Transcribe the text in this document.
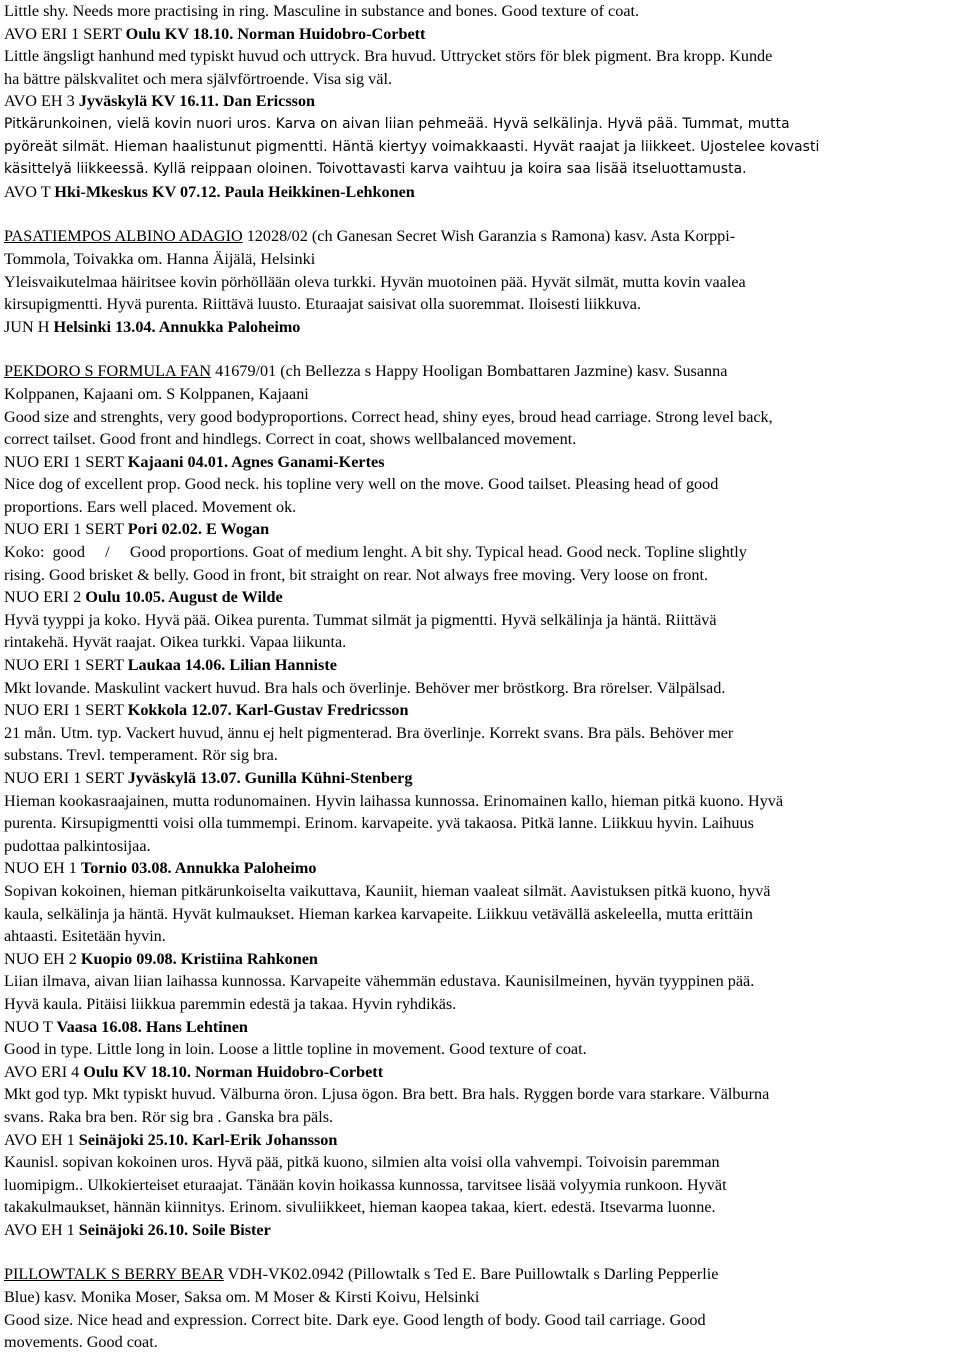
Little shy. Needs more practising in ring. Masculine in substance and bones. Good texture of coat.
AVO ERI 1 SERT Oulu KV 18.10. Norman Huidobro-Corbett
Little ängsligt hanhund med typiskt huvud och uttryck. Bra huvud. Uttrycket störs för blek pigment. Bra kropp. Kunde
ha bättre pälskvalitet och mera självförtroende. Visa sig väl.
AVO EH 3 Jyväskylä KV 16.11. Dan Ericsson
Pitkärunkoinen, vielä kovin nuori uros. Karva on aivan liian pehmeää. Hyvä selkälinja. Hyvä pää. Tummat, mutta
pyöreät silmät. Hieman haalistunut pigmentti. Häntä kiertyy voimakkaasti. Hyvät raajat ja liikkeet. Ujostelee kovasti
käsittelyä liikkeessä. Kyllä reippaan oloinen. Toivottavasti karva vaihtuu ja koira saa lisää itseluottamusta.
AVO T Hki-Mkeskus KV 07.12. Paula Heikkinen-Lehkonen
PASATIEMPOS ALBINO ADAGIO 12028/02 (ch Ganesan Secret Wish Garanzia s Ramona) kasv. Asta Korppi-
Tommola, Toivakka om. Hanna Äijälä, Helsinki
Yleisvaikutelmaa häiritsee kovin pörhöllään oleva turkki. Hyvän muotoinen pää. Hyvät silmät, mutta kovin vaalea
kirsupigmentti. Hyvä purenta. Riittävä luusto. Eturaajat saisivat olla suoremmat. Iloisesti liikkuva.
JUN H Helsinki 13.04. Annukka Paloheimo
PEKDORO S FORMULA FAN 41679/01 (ch Bellezza s Happy Hooligan Bombattaren Jazmine) kasv. Susanna
Kolppanen, Kajaani om. S Kolppanen, Kajaani
Good size and strenghts, very good bodyproportions. Correct head, shiny eyes, broud head carriage. Strong level back,
correct tailset. Good front and hindlegs. Correct in coat, shows wellbalanced movement.
NUO ERI 1 SERT Kajaani 04.01. Agnes Ganami-Kertes
Nice dog of excellent prop. Good neck. his topline very well on the move. Good tailset. Pleasing head of good
proportions. Ears well placed. Movement ok.
NUO ERI 1 SERT Pori 02.02. E Wogan
Koko:  good     /     Good proportions. Goat of medium lenght. A bit shy. Typical head. Good neck. Topline slightly
rising. Good brisket & belly. Good in front, bit straight on rear. Not always free moving. Very loose on front.
NUO ERI 2 Oulu 10.05. August de Wilde
Hyvä tyyppi ja koko. Hyvä pää. Oikea purenta. Tummat silmät ja pigmentti. Hyvä selkälinja ja häntä. Riittävä
rintakehä. Hyvät raajat. Oikea turkki. Vapaa liikunta.
NUO ERI 1 SERT Laukaa 14.06. Lilian Hanniste
Mkt lovande. Maskulint vackert huvud. Bra hals och överlinje. Behöver mer bröstkorg. Bra rörelser. Välpälsad.
NUO ERI 1 SERT Kokkola 12.07. Karl-Gustav Fredricsson
21 mån. Utm. typ. Vackert huvud, ännu ej helt pigmenterad. Bra överlinje. Korrekt svans. Bra päls. Behöver mer
substans. Trevl. temperament. Rör sig bra.
NUO ERI 1 SERT Jyväskylä 13.07. Gunilla Kühni-Stenberg
Hieman kookasraajainen, mutta rodunomainen. Hyvin laihassa kunnossa. Erinomainen kallo, hieman pitkä kuono. Hyvä
purenta. Kirsupigmentti voisi olla tummempi. Erinom. karvapeite. yvä takaosa. Pitkä lanne. Liikkuu hyvin. Laihuus
pudottaa palkintosijaa.
NUO EH 1 Tornio 03.08. Annukka Paloheimo
Sopivan kokoinen, hieman pitkärunkoiselta vaikuttava, Kauniit, hieman vaaleat silmät. Aavistuksen pitkä kuono, hyvä
kaula, selkälinja ja häntä. Hyvät kulmaukset. Hieman karkea karvapeite. Liikkuu vetävällä askeleella, mutta erittäin
ahtaasti. Esitetään hyvin.
NUO EH 2 Kuopio 09.08. Kristiina Rahkonen
Liian ilmava, aivan liian laihassa kunnossa. Karvapeite vähemmän edustava. Kaunisilmeinen, hyvän tyyppinen pää.
Hyvä kaula. Pitäisi liikkua paremmin edestä ja takaa. Hyvin ryhdikäs.
NUO T Vaasa 16.08. Hans Lehtinen
Good in type. Little long in loin. Loose a little topline in movement. Good texture of coat.
AVO ERI 4 Oulu KV 18.10. Norman Huidobro-Corbett
Mkt god typ. Mkt typiskt huvud. Välburna öron. Ljusa ögon. Bra bett. Bra hals. Ryggen borde vara starkare. Välburna
svans. Raka bra ben. Rör sig bra . Ganska bra päls.
AVO EH 1 Seinäjoki 25.10. Karl-Erik Johansson
Kaunisl. sopivan kokoinen uros. Hyvä pää, pitkä kuono, silmien alta voisi olla vahvempi. Toivoisin paremman
luomipigm.. Ulkokierteiset eturaajat. Tänään kovin hoikassa kunnossa, tarvitsee lisää volyymia runkoon. Hyvät
takakulmaukset, hännän kiinnitys. Erinom. sivuliikkeet, hieman kaopea takaa, kiert. edestä. Itsevarma luonne.
AVO EH 1 Seinäjoki 26.10. Soile Bister
PILLOWTALK S BERRY BEAR VDH-VK02.0942 (Pillowtalk s Ted E. Bare Puillowtalk s Darling Pepperlie
Blue) kasv. Monika Moser, Saksa om. M Moser & Kirsti Koivu, Helsinki
Good size. Nice head and expression. Correct bite. Dark eye. Good length of body. Good tail carriage. Good
movements. Good coat.
